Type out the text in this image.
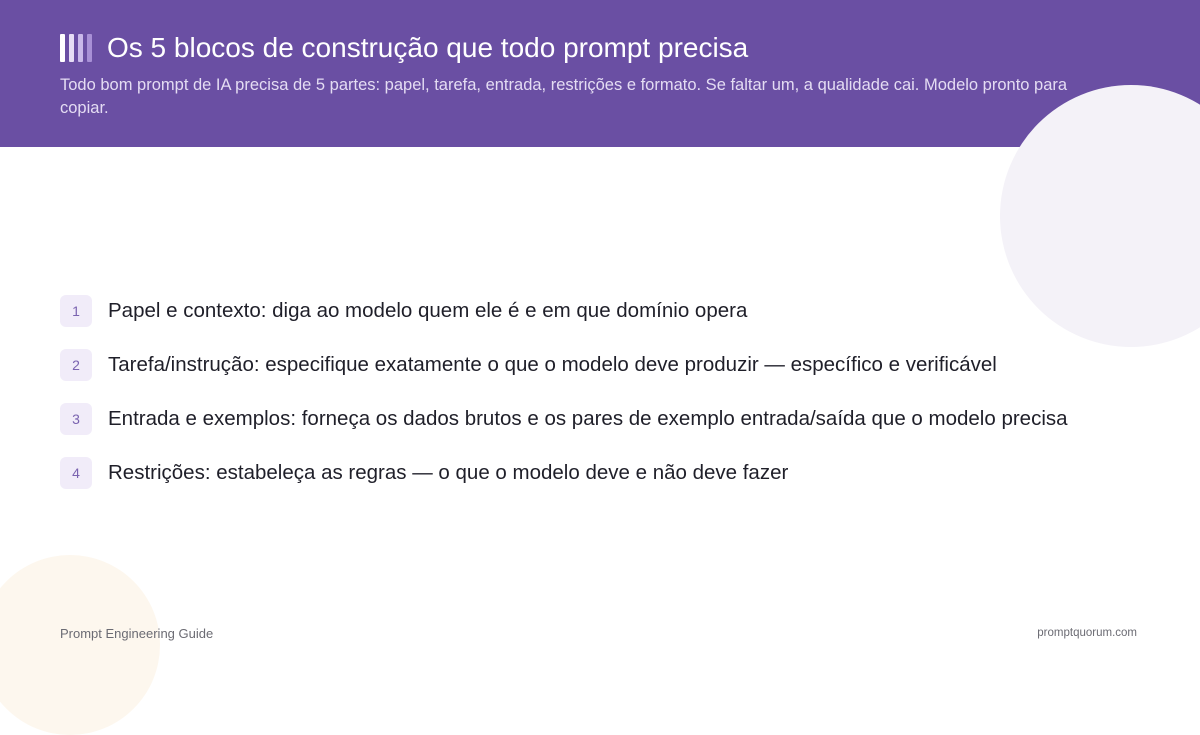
Os 5 blocos de construção que todo prompt precisa
Todo bom prompt de IA precisa de 5 partes: papel, tarefa, entrada, restrições e formato. Se faltar um, a qualidade cai. Modelo pronto para copiar.
1	Papel e contexto: diga ao modelo quem ele é e em que domínio opera
2	Tarefa/instrução: especifique exatamente o que o modelo deve produzir — específico e verificável
3	Entrada e exemplos: forneça os dados brutos e os pares de exemplo entrada/saída que o modelo precisa
4	Restrições: estabeleça as regras — o que o modelo deve e não deve fazer
Prompt Engineering Guide	promptquorum.com
